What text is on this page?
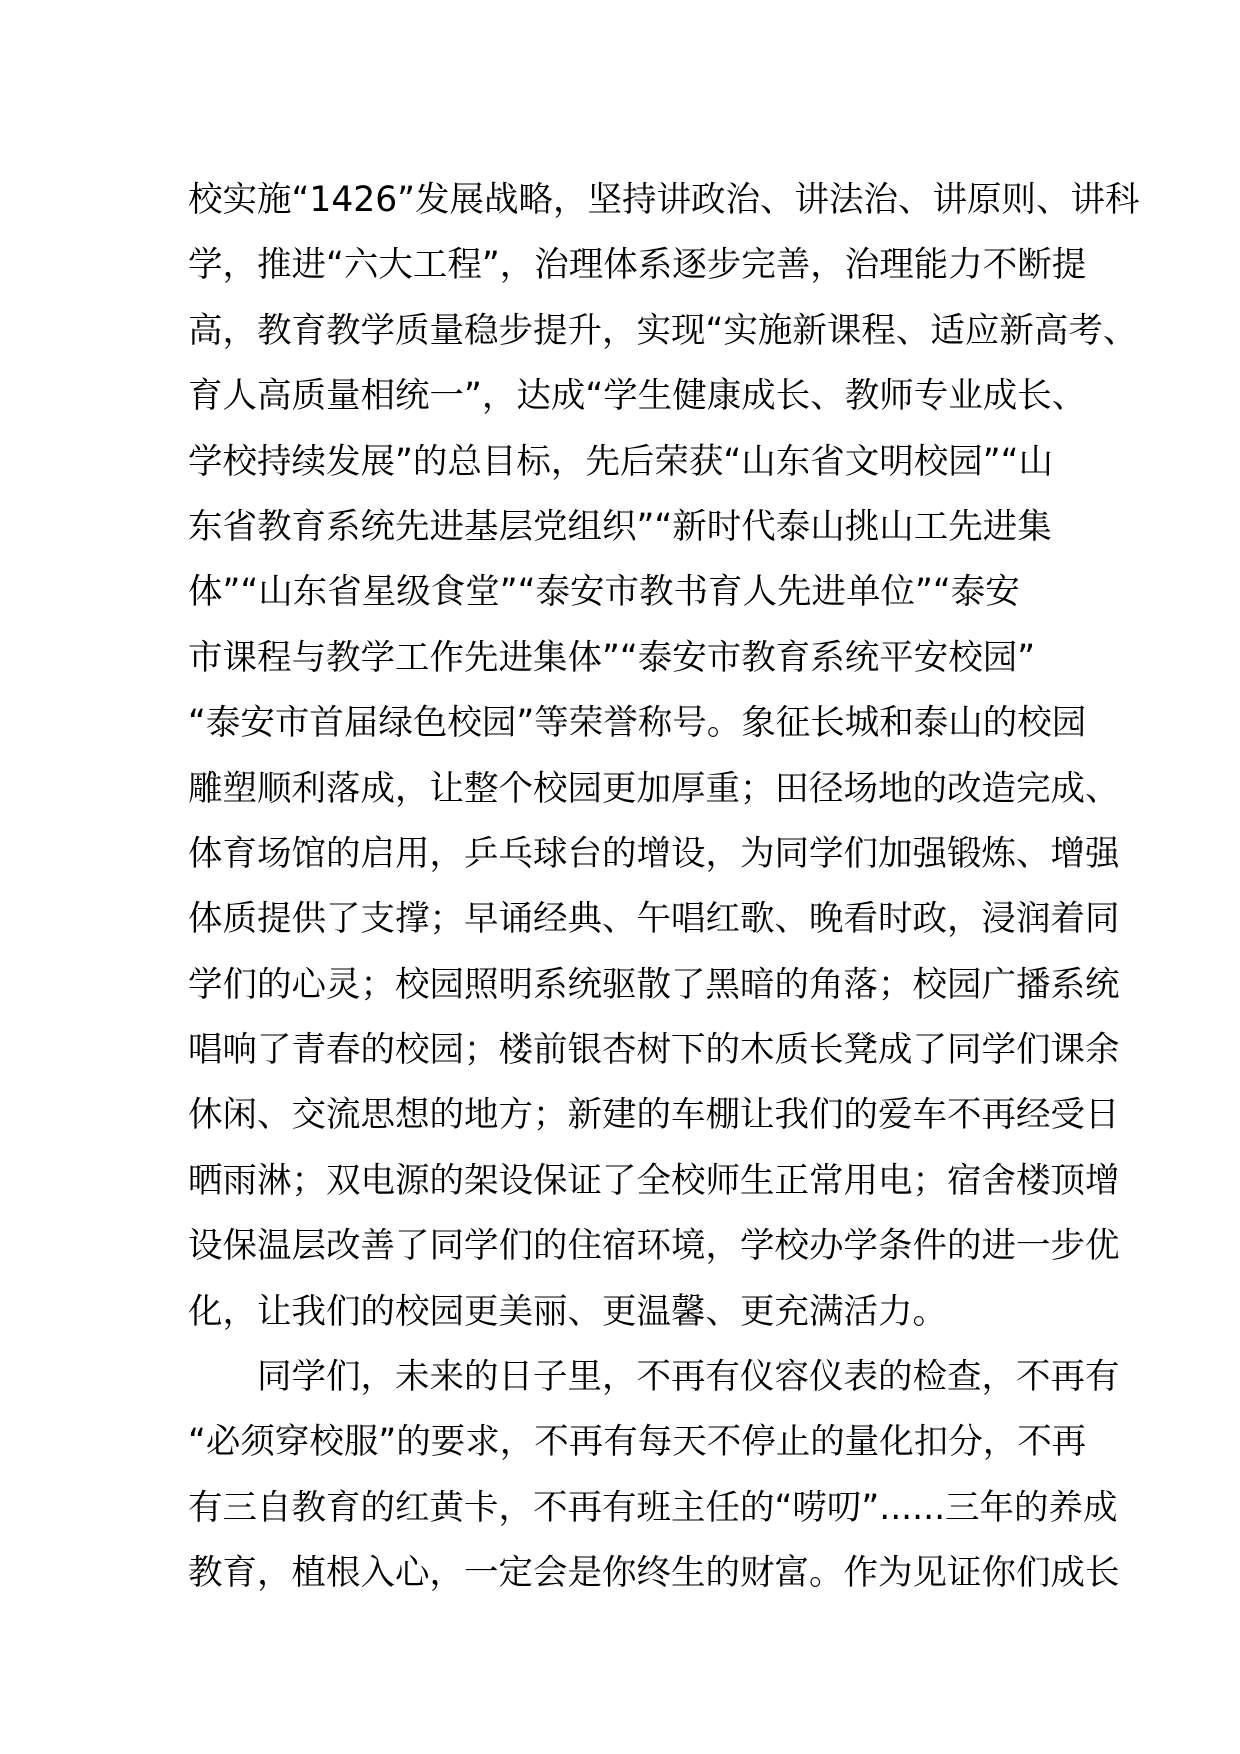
校实施“1426”发展战略，坚持讲政治、讲法治、讲原则、讲科
学，推进“六大工程”，治理体系逐步完善，治理能力不断提
高，教育教学质量稳步提升，实现“实施新课程、适应新高考、
育人高质量相统一”，达成“学生健康成长、教师专业成长、
学校持续发展”的总目标，先后荣获“山东省文明校园”“山
东省教育系统先进基层党组织”“新时代泰山挑山工先进集
体”“山东省星级食堂”“泰安市教书育人先进单位”“泰安
市课程与教学工作先进集体”“泰安市教育系统平安校园”
“泰安市首届绿色校园”等荣誉称号。象征长城和泰山的校园
雕塑顺利落成，让整个校园更加厚重；田径场地的改造完成、
体育场馆的启用，乒乓球台的增设，为同学们加强锻炼、增强
体质提供了支撑；早诵经典、午唱红歌、晚看时政，浸润着同
学们的心灵；校园照明系统驱散了黑暗的角落；校园广播系统
唱响了青春的校园；楼前银杏树下的木质长凳成了同学们课余
休闲、交流思想的地方；新建的车棚让我们的爱车不再经受日
晒雨淋；双电源的架设保证了全校师生正常用电；宿舍楼顶增
设保温层改善了同学们的住宿环境，学校办学条件的进一步优
化，让我们的校园更美丽、更温馨、更充满活力。
同学们，未来的日子里，不再有仪容仪表的检查，不再有
“必须穿校服”的要求，不再有每天不停止的量化扣分，不再
有三自教育的红黄卡，不再有班主任的“唠叨”......三年的养成
教育，植根入心，一定会是你终生的财富。作为见证你们成长
